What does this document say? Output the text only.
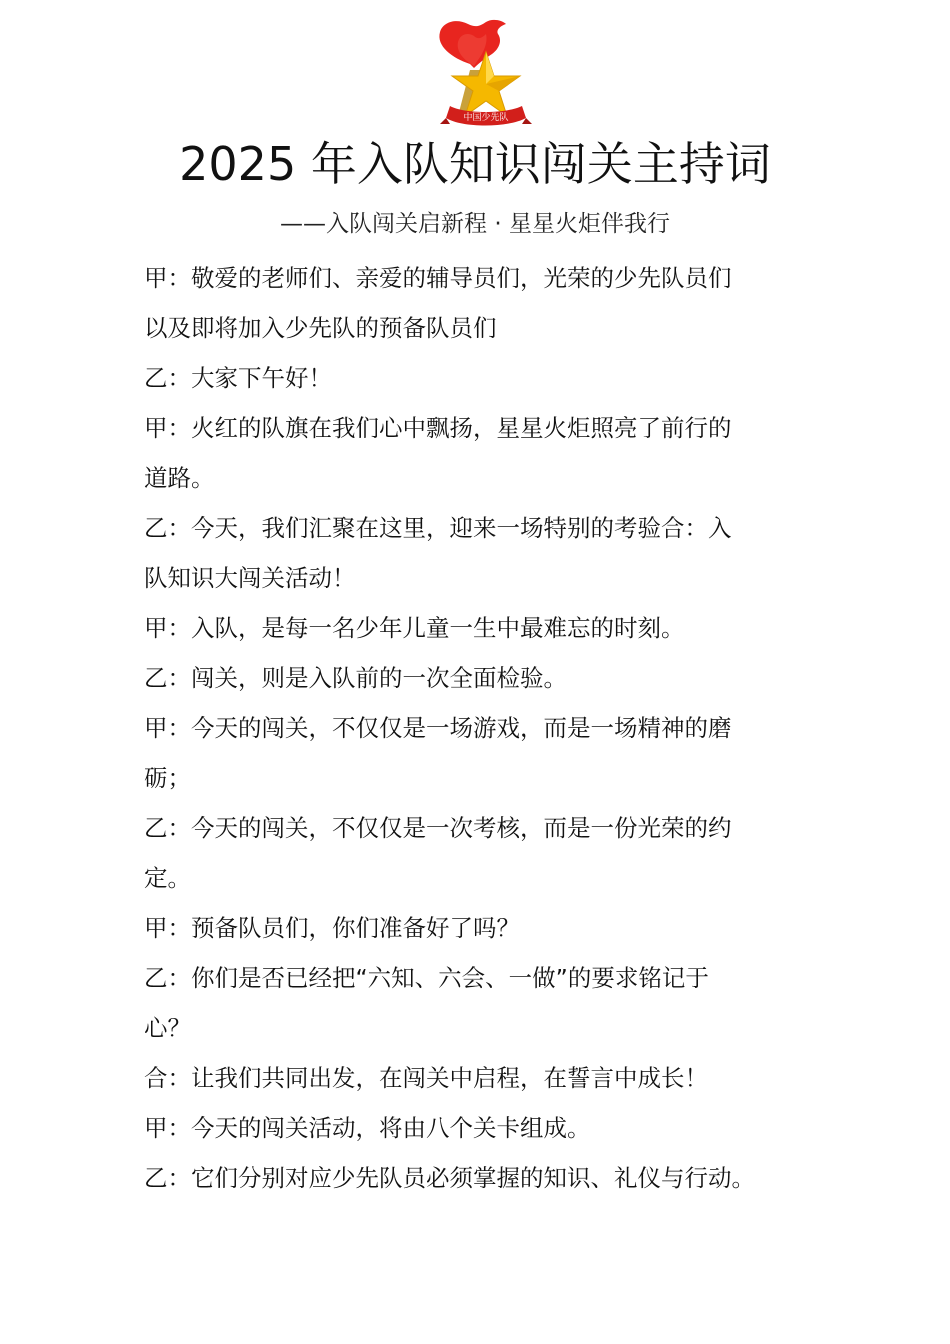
中国少先队
2025 年入队知识闯关主持词
——入队闯关启新程 · 星星火炬伴我行

甲：敬爱的老师们、亲爱的辅导员们，光荣的少先队员们

以及即将加入少先队的预备队员们

乙：大家下午好！

甲：火红的队旗在我们心中飘扬，星星火炬照亮了前行的

道路。

乙：今天，我们汇聚在这里，迎来一场特别的考验合：入

队知识大闯关活动！

甲：入队，是每一名少年儿童一生中最难忘的时刻。

乙：闯关，则是入队前的一次全面检验。

甲：今天的闯关，不仅仅是一场游戏，而是一场精神的磨

砺；

乙：今天的闯关，不仅仅是一次考核，而是一份光荣的约

定。

甲：预备队员们，你们准备好了吗？

乙：你们是否已经把“六知、六会、一做”的要求铭记于

心？

合：让我们共同出发，在闯关中启程，在誓言中成长！

甲：今天的闯关活动，将由八个关卡组成。

乙：它们分别对应少先队员必须掌握的知识、礼仪与行动。
